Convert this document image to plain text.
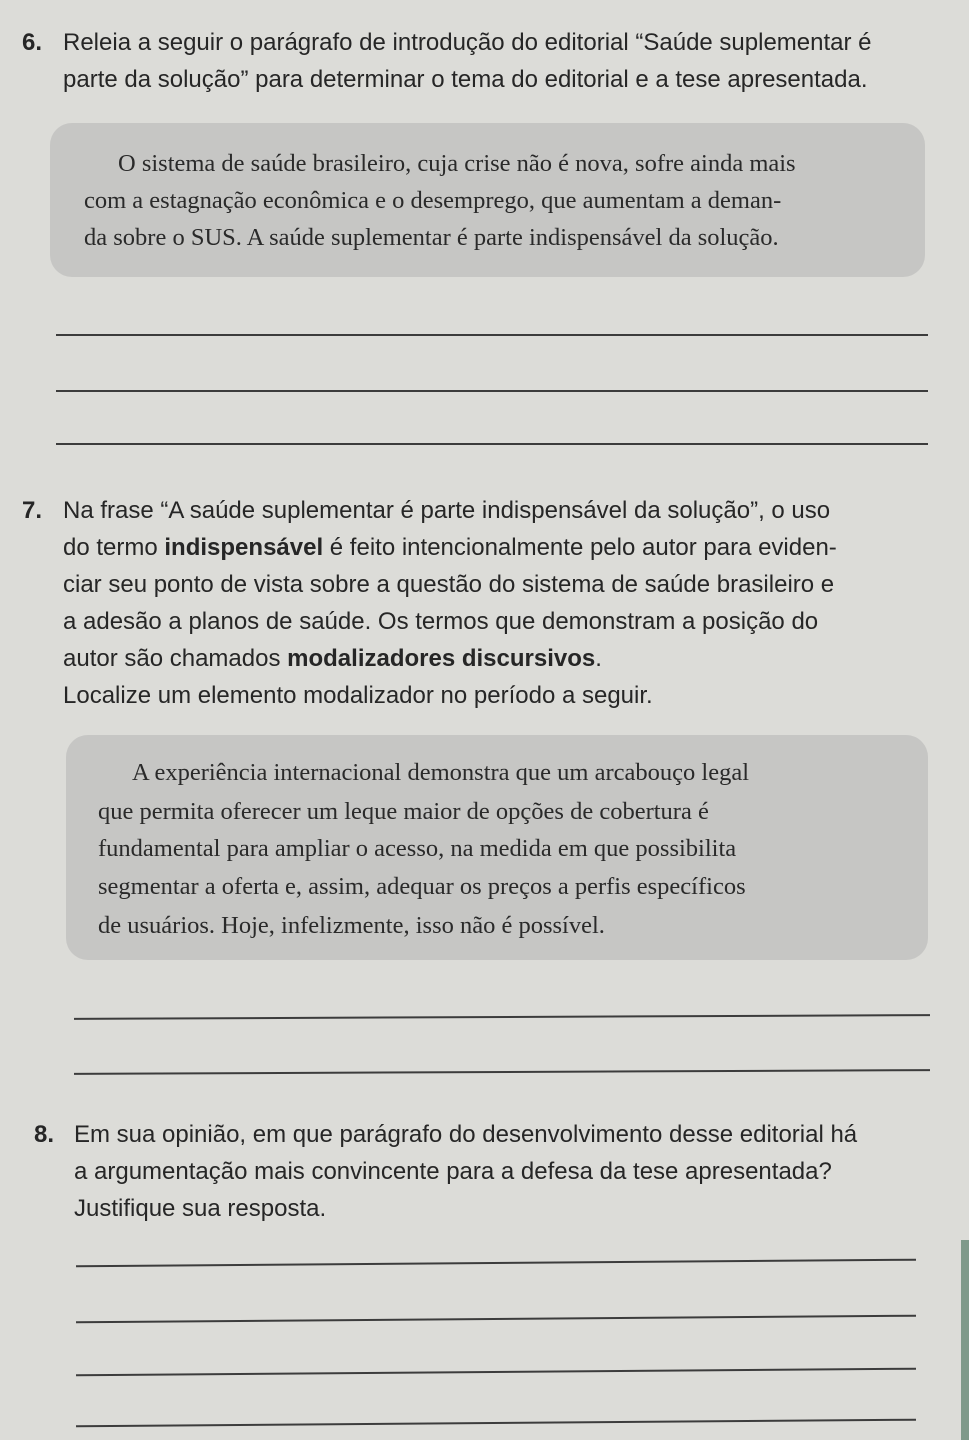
6. Releia a seguir o parágrafo de introdução do editorial “Saúde suplementar é
parte da solução” para determinar o tema do editorial e a tese apresentada.
O sistema de saúde brasileiro, cuja crise não é nova, sofre ainda mais
com a estagnação econômica e o desemprego, que aumentam a deman-
da sobre o SUS. A saúde suplementar é parte indispensável da solução.
7. Na frase “A saúde suplementar é parte indispensável da solução”, o uso
do termo indispensável é feito intencionalmente pelo autor para eviden-
ciar seu ponto de vista sobre a questão do sistema de saúde brasileiro e
a adesão a planos de saúde. Os termos que demonstram a posição do
autor são chamados modalizadores discursivos.
Localize um elemento modalizador no período a seguir.
A experiência internacional demonstra que um arcabouço legal
que permita oferecer um leque maior de opções de cobertura é
fundamental para ampliar o acesso, na medida em que possibilita
segmentar a oferta e, assim, adequar os preços a perfis específicos
de usuários. Hoje, infelizmente, isso não é possível.
8. Em sua opinião, em que parágrafo do desenvolvimento desse editorial há
a argumentação mais convincente para a defesa da tese apresentada?
Justifique sua resposta.
